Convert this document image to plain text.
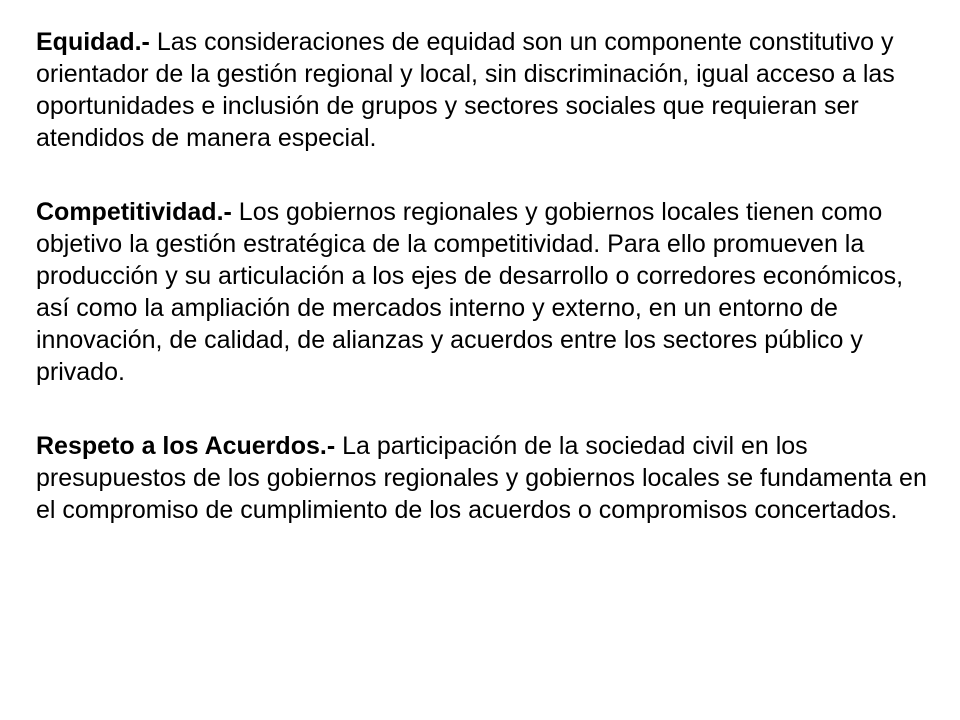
Equidad.- Las consideraciones de equidad son un componente constitutivo y orientador de la gestión regional y local, sin discriminación, igual acceso a las oportunidades e inclusión de grupos y sectores sociales que requieran ser atendidos de manera especial.

Competitividad.- Los gobiernos regionales y gobiernos locales tienen como objetivo la gestión estratégica de la competitividad. Para ello promueven la producción y su articulación a los ejes de desarrollo o corredores económicos, así como la ampliación de mercados interno y externo, en un entorno de innovación, de calidad, de alianzas y acuerdos entre los sectores público y privado.

Respeto a los Acuerdos.- La participación de la sociedad civil en los presupuestos de los gobiernos regionales y gobiernos locales se fundamenta en el compromiso de cumplimiento de los acuerdos o compromisos concertados.
